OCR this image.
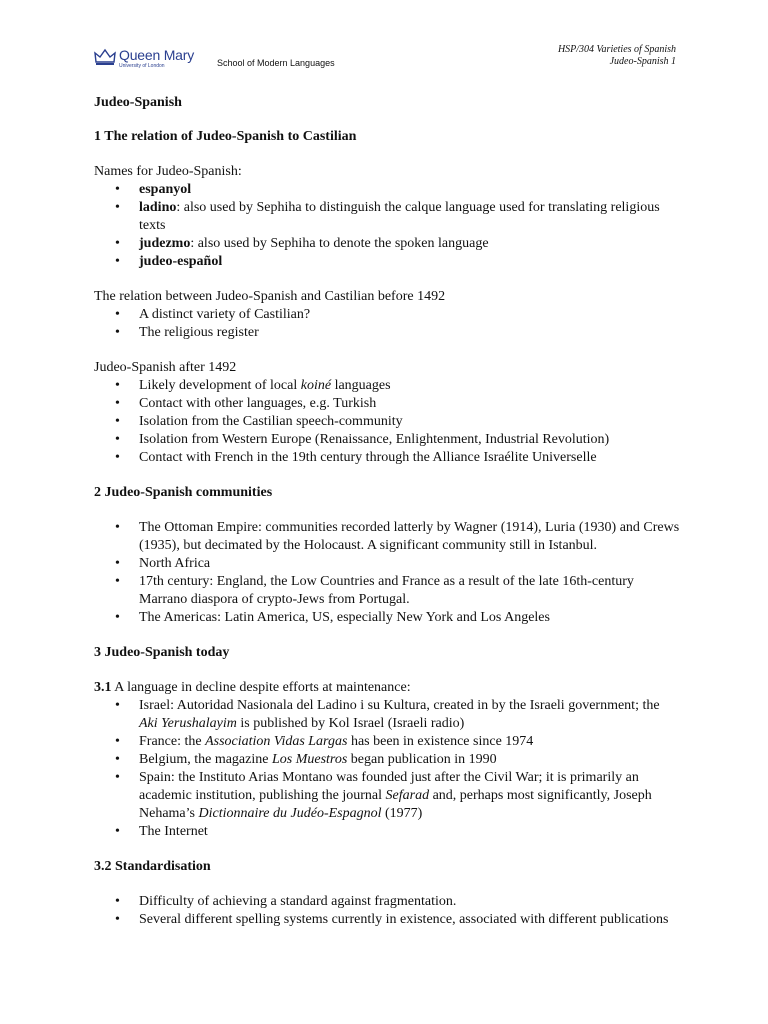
Queen Mary
University of London	School of Modern Languages
HSP/304 Varieties of Spanish
Judeo-Spanish 1
Judeo-Spanish
1 The relation of Judeo-Spanish to Castilian
Names for Judeo-Spanish:
• espanyol
• ladino: also used by Sephiha to distinguish the calque language used for translating religious texts
• judezmo: also used by Sephiha to denote the spoken language
• judeo-español
The relation between Judeo-Spanish and Castilian before 1492
• A distinct variety of Castilian?
• The religious register
Judeo-Spanish after 1492
• Likely development of local koiné languages
• Contact with other languages, e.g. Turkish
• Isolation from the Castilian speech-community
• Isolation from Western Europe (Renaissance, Enlightenment, Industrial Revolution)
• Contact with French in the 19th century through the Alliance Israélite Universelle
2 Judeo-Spanish communities
• The Ottoman Empire: communities recorded latterly by Wagner (1914), Luria (1930) and Crews (1935), but decimated by the Holocaust. A significant community still in Istanbul.
• North Africa
• 17th century: England, the Low Countries and France as a result of the late 16th-century Marrano diaspora of crypto-Jews from Portugal.
• The Americas: Latin America, US, especially New York and Los Angeles
3 Judeo-Spanish today
3.1 A language in decline despite efforts at maintenance:
• Israel: Autoridad Nasionala del Ladino i su Kultura, created in by the Israeli government; the Aki Yerushalayim is published by Kol Israel (Israeli radio)
• France: the Association Vidas Largas has been in existence since 1974
• Belgium, the magazine Los Muestros began publication in 1990
• Spain: the Instituto Arias Montano was founded just after the Civil War; it is primarily an academic institution, publishing the journal Sefarad and, perhaps most significantly, Joseph Nehama’s Dictionnaire du Judéo-Espagnol (1977)
• The Internet
3.2 Standardisation
• Difficulty of achieving a standard against fragmentation.
• Several different spelling systems currently in existence, associated with different publications
